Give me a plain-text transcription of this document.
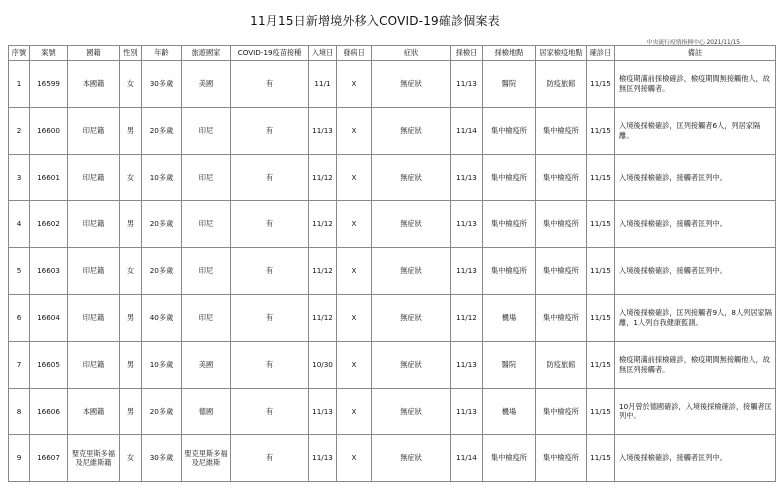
11月15日新增境外移入COVID-19確診個案表
中央流行疫情指揮中心 2021/11/15
序號	案號	國籍	性別	年齡	旅遊國家	COVID-19疫苗接種	入境日	發病日	症狀	採檢日	採檢地點	居家檢疫地點	確診日	備註
1	16599	本國籍	女	30多歲	美國	有	11/1	X	無症狀	11/13	醫院	防疫旅館	11/15	檢疫期滿前採檢確診，檢疫期間無接觸他人，故無匡列接觸者。
2	16600	印尼籍	男	20多歲	印尼	有	11/13	X	無症狀	11/14	集中檢疫所	集中檢疫所	11/15	入境後採檢確診，匡列接觸者6人，列居家隔離。
3	16601	印尼籍	女	10多歲	印尼	有	11/12	X	無症狀	11/13	集中檢疫所	集中檢疫所	11/15	入境後採檢確診，接觸者匡列中。
4	16602	印尼籍	男	20多歲	印尼	有	11/12	X	無症狀	11/13	集中檢疫所	集中檢疫所	11/15	入境後採檢確診，接觸者匡列中。
5	16603	印尼籍	女	20多歲	印尼	有	11/12	X	無症狀	11/13	集中檢疫所	集中檢疫所	11/15	入境後採檢確診，接觸者匡列中。
6	16604	印尼籍	男	40多歲	印尼	有	11/12	X	無症狀	11/12	機場	集中檢疫所	11/15	入境後採檢確診，匡列接觸者9人，8人列居家隔離，1人列自我健康監測。
7	16605	印尼籍	男	10多歲	美國	有	10/30	X	無症狀	11/13	醫院	防疫旅館	11/15	檢疫期滿前採檢確診，檢疫期間無接觸他人，故無匡列接觸者。
8	16606	本國籍	男	20多歲	德國	有	11/13	X	無症狀	11/13	機場	集中檢疫所	11/15	10月曾於德國確診，入境後採檢確診，接觸者匡列中。
9	16607	聖克里斯多福及尼維斯籍	女	30多歲	聖克里斯多福及尼維斯	有	11/13	X	無症狀	11/14	集中檢疫所	集中檢疫所	11/15	入境後採檢確診，接觸者匡列中。
